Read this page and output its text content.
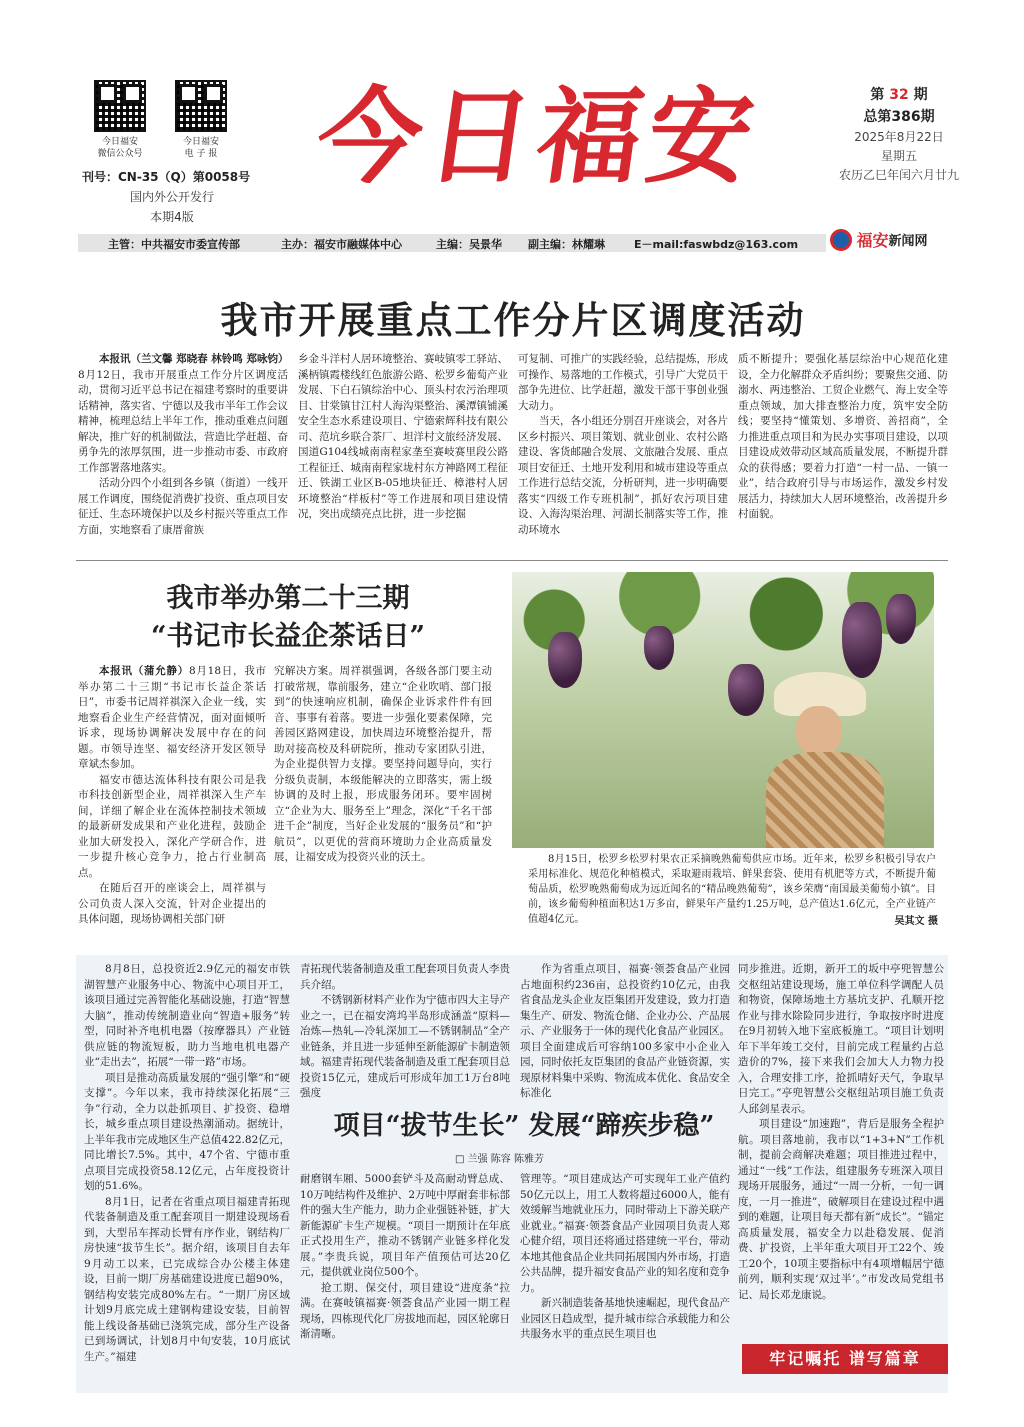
今日福安
微信公众号
今日福安
电 子 报
刊号：CN-35（Q）第0058号
国内外公开发行
本期4版
今日福安	第 32 期
总第386期
2025年8月22日
星期五
农历乙巳年闰六月廿九
主管：中共福安市委宣传部	主办：福安市融媒体中心	主编：吴景华 副主编：林耀琳	E－mail:faswbdz@163.com	福安新闻网
我市开展重点工作分片区调度活动

本报讯（兰文馨 郑晓春 林铃鸣 郑咏钧）8月12日，我市开展重点工作分片区调度活动，贯彻习近平总书记在福建考察时的重要讲话精神，落实省、宁德以及我市半年工作会议精神，梳理总结上半年工作，推动重难点问题解决，推广好的机制做法，营造比学赶超、奋勇争先的浓厚氛围，进一步推动市委、市政府工作部署落地落实。

活动分四个小组到各乡镇（街道）一线开展工作调度，围绕促消费扩投资、重点项目安征迁、生态环境保护以及乡村振兴等重点工作方面，实地察看了康厝畲族

乡金斗洋村人居环境整治、赛岐镇零工驿站、溪柄镇霞楼线红色旅游公路、松罗乡葡萄产业发展、下白石镇综治中心、顶头村农污治理项目、甘棠镇甘江村人海沟渠整治、溪潭镇铺溪安全生态水系建设项目、宁德索辉科技有限公司、范坑乡联合茶厂、坦洋村文旅经济发展、国道G104线城南南程家垄至赛岐赛里段公路工程征迁、城南南程家垅村东方神路网工程征迁、铁湖工业区B-05地块征迁、樟港村人居环境整治“样板村”等工作进展和项目建设情况，突出成绩亮点比拼，进一步挖掘

可复制、可推广的实践经验，总结提炼，形成可操作、易落地的工作模式，引导广大党员干部争先进位、比学赶超，激发干部干事创业强大动力。

当天，各小组还分别召开座谈会，对各片区乡村振兴、项目策划、就业创业、农村公路建设、客货邮融合发展、文旅融合发展、重点项目安征迁、土地开发利用和城市建设等重点工作进行总结交流，分析研判，进一步明确要落实“四级工作专班机制”，抓好农污项目建设、入海沟渠治理、河湖长制落实等工作，推动环境水

质不断提升；要强化基层综治中心规范化建设，全力化解群众矛盾纠纷；要聚焦交通、防溺水、两违整治、工贸企业燃气、海上安全等重点领域，加大排查整治力度，筑牢安全防线；要坚持“懂策划、多增资、善招商”，全力推进重点项目和为民办实事项目建设，以项目建设成效带动区域高质量发展，不断提升群众的获得感；要着力打造“一村一品、一镇一业”，结合政府引导与市场运作，激发乡村发展活力，持续加大人居环境整治，改善提升乡村面貌。

我市举办第二十三期
“书记市长益企茶话日”

本报讯（蒲允静）8月18日，我市举办第二十三期“书记市长益企茶话日”，市委书记周祥祺深入企业一线，实地察看企业生产经营情况，面对面倾听诉求，现场协调解决发展中存在的问题。市领导连坚、福安经济开发区领导章斌杰参加。

福安市德达流体科技有限公司是我市科技创新型企业，周祥祺深入生产车间，详细了解企业在流体控制技术领域的最新研发成果和产业化进程，鼓励企业加大研发投入，深化产学研合作，进一步提升核心竞争力，抢占行业制高点。

在随后召开的座谈会上，周祥祺与公司负责人深入交流，针对企业提出的具体问题，现场协调相关部门研

究解决方案。周祥祺强调，各级各部门要主动打破常规，靠前服务，建立“企业吹哨、部门报到”的快速响应机制，确保企业诉求件件有回音、事事有着落。要进一步强化要素保障，完善园区路网建设，加快周边环境整治提升，帮助对接高校及科研院所，推动专家团队引进，为企业提供智力支撑。要坚持问题导向，实行分级负责制，本级能解决的立即落实，需上级协调的及时上报，形成服务闭环。要牢固树立“企业为大、服务至上”理念，深化“千名干部进千企”制度，当好企业发展的“服务员”和“护航员”，以更优的营商环境助力企业高质量发展，让福安成为投资兴业的沃土。	8月15日，松罗乡松罗村果农正采摘晚熟葡萄供应市场。近年来，松罗乡积极引导农户采用标准化、规范化种植模式，采取避雨栽培、鲜果套袋、使用有机肥等方式，不断提升葡萄品质，松罗晚熟葡萄成为远近闻名的“精品晚熟葡萄”，该乡荣膺“南国最美葡萄小镇”。目前，该乡葡萄种植面积达1万多亩，鲜果年产量约1.25万吨，总产值达1.6亿元，全产业链产值超4亿元。	吴其文 摄

8月8日，总投资近2.9亿元的福安市铁湖智慧产业服务中心、物流中心项目开工，该项目通过完善智能化基础设施，打造“智慧大脑”，推动传统制造业向“智造+服务”转型，同时补齐电机电器（按摩器具）产业链供应链的物流短板，助力当地电机电器产业“走出去”，拓展“一带一路”市场。

项目是推动高质量发展的“强引擎”和“硬支撑”。今年以来，我市持续深化拓展“三争”行动，全力以赴抓项目、扩投资、稳增长，城乡重点项目建设热潮涌动。据统计，上半年我市完成地区生产总值422.82亿元，同比增长7.5%。其中，47个省、宁德市重点项目完成投资58.12亿元，占年度投资计划的51.6%。

8月1日，记者在省重点项目福建青拓现代装备制造及重工配套项目一期建设现场看到，大型吊车挥动长臂有序作业，钢结构厂房快速“拔节生长”。据介绍，该项目自去年9月动工以来，已完成综合办公楼主体建设，目前一期厂房基础建设进度已超90%，钢结构安装完成80%左右。“一期厂房区域计划9月底完成土建钢构建设安装，目前智能上线设备基础已浇筑完成，部分生产设备已到场调试，计划8月中旬安装，10月底试生产。”福建

青拓现代装备制造及重工配套项目负责人李贵兵介绍。

不锈钢新材料产业作为宁德市四大主导产业之一，已在福安湾坞半岛形成涵盖“原料—冶炼—热轧—冷轧深加工—不锈钢制品”全产业链条，并且进一步延伸至新能源矿卡制造领域。福建青拓现代装备制造及重工配套项目总投资15亿元，建成后可形成年加工1万台8吨强度

作为省重点项目，福赛·领荟食品产业园占地面积约236亩，总投资约10亿元，由我省食品龙头企业友臣集团开发建设，致力打造集生产、研发、物流仓储、企业办公、产品展示、产业服务于一体的现代化食品产业园区。项目全面建成后可容纳100多家中小企业入园，同时依托友臣集团的食品产业链资源，实现原材料集中采购、物流成本优化、食品安全标准化

项目“拔节生长” 发展“蹄疾步稳”
□ 兰强 陈容 陈雅芳

耐磨钢车厢、5000套铲斗及高耐动臂总成、10万吨结构件及维护、2万吨中厚耐套非标部件的强大生产能力，助力企业强链补链，扩大新能源矿卡生产规模。“项目一期预计在年底正式投用生产，推动不锈钢产业链多样化发展。”李贵兵说，项目年产值预估可达20亿元，提供就业岗位500个。

抢工期、保交付，项目建设“进度条”拉满。在赛岐镇福赛·领荟食品产业园一期工程现场，四栋现代化厂房拔地而起，园区轮廓日渐清晰。

管理等。“项目建成达产可实现年工业产值约50亿元以上，用工人数将超过6000人，能有效缓解当地就业压力，同时带动上下游关联产业就业。”福赛·领荟食品产业园项目负责人郑心健介绍，项目还将通过搭建统一平台，带动本地其他食品企业共同拓展国内外市场，打造公共品牌，提升福安食品产业的知名度和竞争力。

新兴制造装备基地快速崛起，现代食品产业园区日趋成型，提升城市综合承载能力和公共服务水平的重点民生项目也

同步推进。近期，新开工的坂中亭兜智慧公交枢纽站建设现场，施工单位科学调配人员和物资，保障场地土方基坑支护、孔顺开挖作业与排水除险同步进行，争取按序时进度在9月初转入地下室底板施工。“项目计划明年下半年竣工交付，目前完成工程量约占总造价的7%，接下来我们会加大人力物力投入，合理安排工序，抢抓晴好天气，争取早日完工。”亭兜智慧公交枢纽站项目施工负责人邱剑星表示。

项目建设“加速跑”，背后是服务全程护航。项目落地前，我市以“1+3+N”工作机制，提前会商解决难题；项目推进过程中，通过“一线”工作法，组建服务专班深入项目现场开展服务，通过“一周一分析，一旬一调度，一月一推进”，破解项目在建设过程中遇到的难题，让项目每天都有新“成长”。“锚定高质量发展，福安全力以赴稳发展、促消费、扩投资，上半年重大项目开工22个、竣工20个，10项主要指标中有4项增幅居宁德前列，顺利实现‘双过半’。”市发改局党组书记、局长邓龙康说。

牢记嘱托 谱写篇章
